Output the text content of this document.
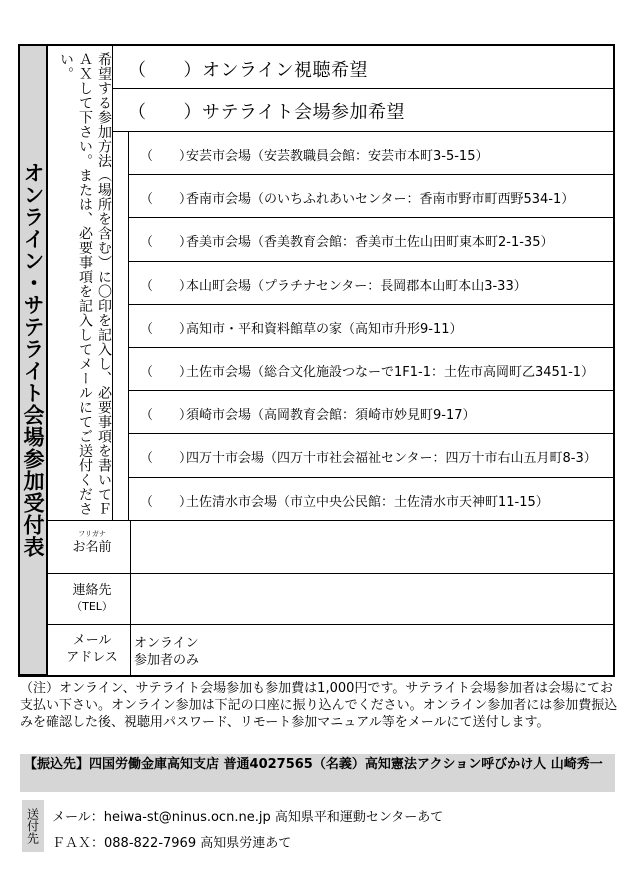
オンライン・サテライト会場参加受付表	希望する参加方法（場所を含む）に〇印を記入し、必要事項を書いてＦＡＸして下さい。または、必要事項を記入してメールにてご送付ください。	（　　）オンライン視聴希望
（　　）サテライト会場参加希望
（　　）安芸市会場（安芸教職員会館：安芸市本町3-5-15）
（　　）香南市会場（のいちふれあいセンター：香南市野市町西野534-1）
（　　）香美市会場（香美教育会館：香美市土佐山田町東本町2-1-35）
（　　）本山町会場（プラチナセンター：長岡郡本山町本山3-33）
（　　）高知市・平和資料館草の家（高知市升形9-11）
（　　）土佐市会場（総合文化施設つなーで1F1-1：土佐市高岡町乙3451-1）
（　　）須崎市会場（高岡教育会館：須崎市妙見町9-17）
（　　）四万十市会場（四万十市社会福祉センター：四万十市右山五月町8-3）
（　　）土佐清水市会場（市立中央公民館：土佐清水市天神町11-15）
フリガナ
お名前
連絡先
（TEL）
メール
アドレス
オンライン
参加者のみ
（注）オンライン、サテライト会場参加も参加費は1,000円です。サテライト会場参加者は会場にてお支払い下さい。オンライン参加は下記の口座に振り込んでください。オンライン参加者には参加費振込みを確認した後、視聴用パスワード、リモート参加マニュアル等をメールにて送付します。
【振込先】四国労働金庫高知支店 普通4027565（名義）高知憲法アクション呼びかけ人 山崎秀一
送付先 メール：heiwa-st@ninus.ocn.ne.jp 高知県平和運動センターあて
ＦＡＸ：088-822-7969 高知県労連あて
